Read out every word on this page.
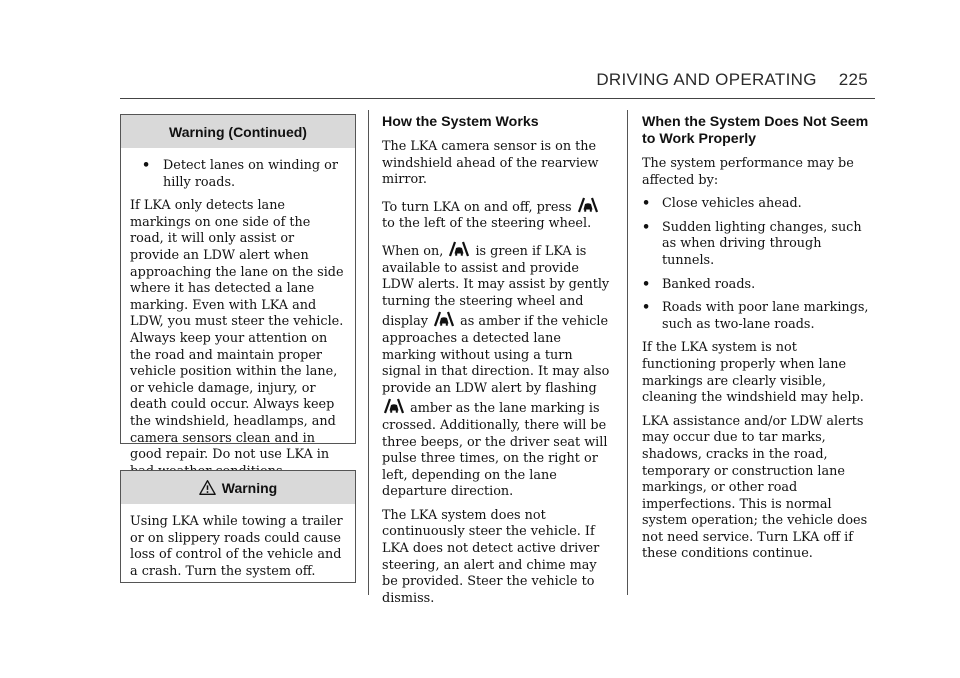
DRIVING AND OPERATING 225
Warning (Continued)
•	Detect lanes on winding or hilly roads.

If LKA only detects lane markings on one side of the road, it will only assist or provide an LDW alert when approaching the lane on the side where it has detected a lane marking. Even with LKA and LDW, you must steer the vehicle. Always keep your attention on the road and maintain proper vehicle position within the lane, or vehicle damage, injury, or death could occur. Always keep the windshield, headlamps, and camera sensors clean and in good repair. Do not use LKA in

Warning

Using LKA while towing a trailer or on slippery roads could cause loss of control of the vehicle and a crash. Turn the system off.

How the System Works

The LKA camera sensor is on the windshield ahead of the rearview mirror.

To turn LKA on and off, press  to the left of the steering wheel.

When on,	is green if LKA is available to assist and provide LDW alerts. It may assist by gently turning the steering wheel and display	as amber if the vehicle approaches a detected lane marking without using a turn signal in that direction. It may also provide an LDW alert by flashing  amber as the lane marking is crossed. Additionally, there will be three beeps, or the driver seat will pulse three times, on the right or left, depending on the lane departure direction.

The LKA system does not continuously steer the vehicle. If LKA does not detect active driver steering, an alert and chime may be provided. Steer the vehicle to dismiss.

When the System Does Not Seem to Work Properly

The system performance may be affected by:

• Close vehicles ahead.
• Sudden lighting changes, such as when driving through tunnels.
• Banked roads.
• Roads with poor lane markings, such as two-lane roads.

If the LKA system is not functioning properly when lane markings are clearly visible, cleaning the windshield may help.

LKA assistance and/or LDW alerts may occur due to tar marks, shadows, cracks in the road, temporary or construction lane markings, or other road imperfections. This is normal system operation; the vehicle does not need service. Turn LKA off if these conditions continue.
